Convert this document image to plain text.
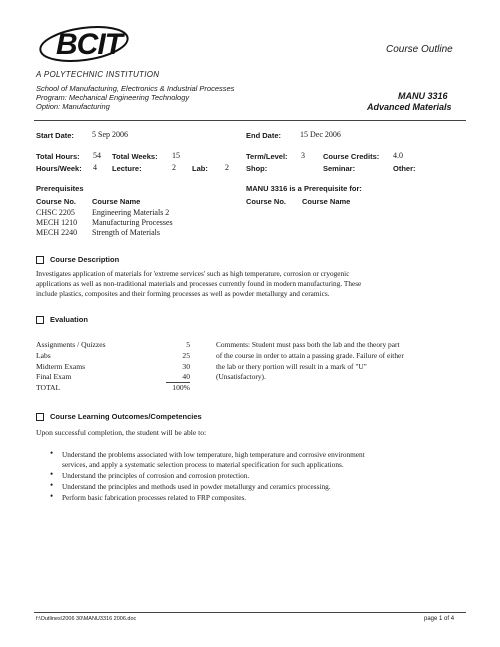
BCIT
A POLYTECHNIC INSTITUTION
Course Outline
School of Manufacturing, Electronics & Industrial Processes
Program: Mechanical Engineering Technology
Option: Manufacturing
MANU 3316
Advanced Materials
Start Date: 5 Sep 2006	End Date: 15 Dec 2006
Total Hours: 54 Total Weeks: 15	Term/Level: 3 Course Credits: 4.0
Hours/Week: 4 Lecture:	2 Lab: 2 Shop:	Seminar:	Other:
Prerequisites
Course No. Course Name
CHSC 2205 Engineering Materials 2
MECH 1210 Manufacturing Processes
MECH 2240 Strength of Materials
MANU 3316 is a Prerequisite for:
Course No. Course Name
Course Description
Investigates application of materials for 'extreme services' such as high temperature, corrosion or cryogenic
applications as well as non-traditional materials and processes currently found in modern manufacturing. These
include plastics, composites and their forming processes as well as powder metallurgy and ceramics.
Evaluation
Assignments / Quizzes	5
Labs	25
Midterm Exams	30
Final Exam	40
TOTAL	100%
Comments: Student must pass both the lab and the theory part
of the course in order to attain a passing grade. Failure of either
the lab or thery portion will result in a mark of "U"
(Unsatisfactory).
Course Learning Outcomes/Competencies
Upon successful completion, the student will be able to:
• Understand the problems associated with low temperature, high temperature and corrosive environment
services, and apply a systematic selection process to material specification for such applications.
• Understand the principles of corrosion and corrosion protection.
• Understand the principles and methods used in powder metallurgy and ceramics processing.
• Perform basic fabrication processes related to FRP composites.
f:\Outlines\2006 30\MANU3316 2006.doc	page 1 of 4
